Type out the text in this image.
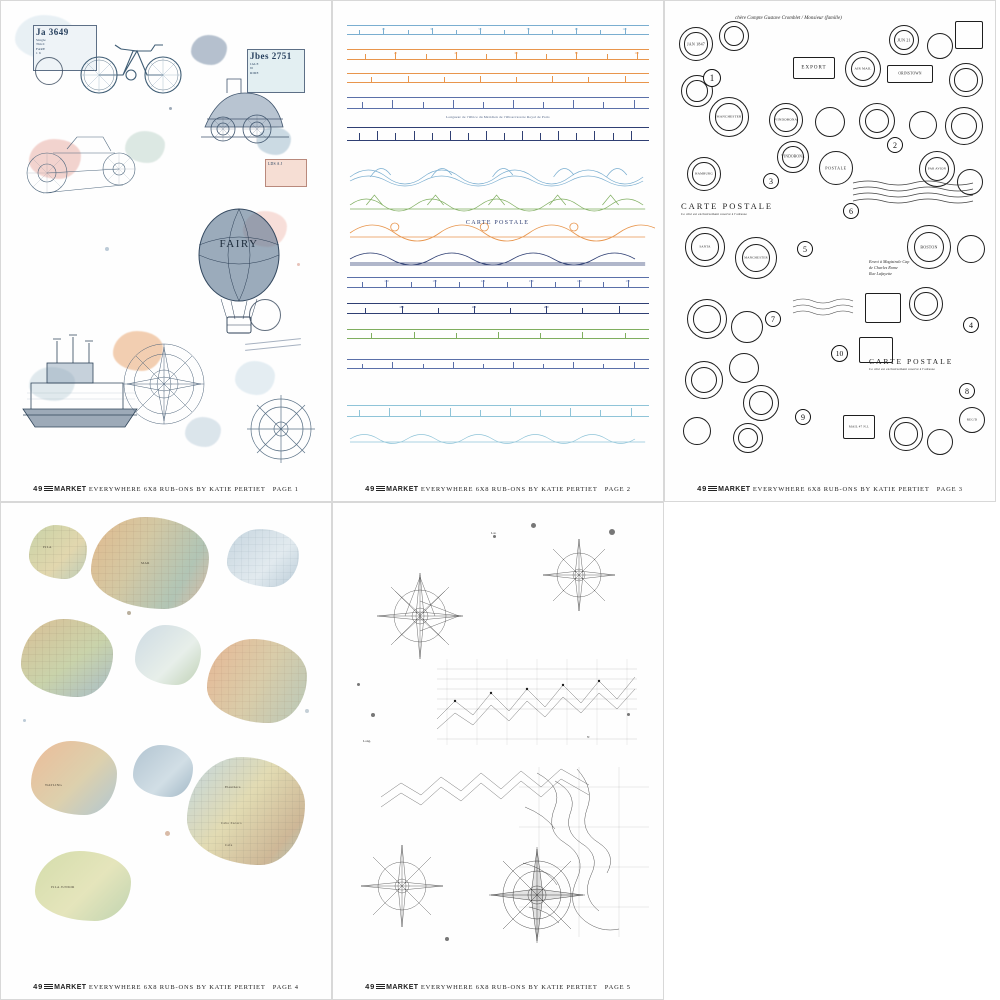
Ja 3649
Single
Third
FARE
1 6	Jbes 2751
JALE
9l
RIDE
LDS A J
FAIRY
49 MARKET EVERYWHERE 6X8 RUB-ONS BY KATIE PERTIET PAGE 1
10	30	50	70	90	110
20	40	60	80	100
Longueur de l'Obice du Méridien de l'Observatoire Royal de Paris
CARTE POSTALE
120	130	140	150	160	170
180	190	200
49 MARKET EVERYWHERE 6X8 RUB-ONS BY KATIE PERTIET PAGE 2
chère Compte Gustave Cromblet / Monsieur (famille)
JAN 1847
JUN 21
1
EXPORT	AIR MAIL
ORINSTOWN
MANCHESTER
VINDOBONA
CARTE POSTALE
Ce côté est exclusivement reservé à l'adresse
3
2
6
5
7
10
4
8
9
HAMBURG
VINDOBONA
POSTALE	PAR AVION
SANTA
MANCHESTER
BOSTON
Envoi à Magistrale Cap
de Charles Rome
Rue Lafayette
CARTE POSTALE
Ce côté est exclusivement reservé à l'adresse
REG'D
MAIL 47 N.I.
49 MARKET EVERYWHERE 6X8 RUB-ONS BY KATIE PERTIET PAGE 3
ISLA
MAR
WATLING	Eleuthera
Cabo Zacaro
Cafa
ISLA JUNIOR
49 MARKET EVERYWHERE 6X8 RUB-ONS BY KATIE PERTIET PAGE 4
Lat.
Long.
N
49 MARKET EVERYWHERE 6X8 RUB-ONS BY KATIE PERTIET PAGE 5
